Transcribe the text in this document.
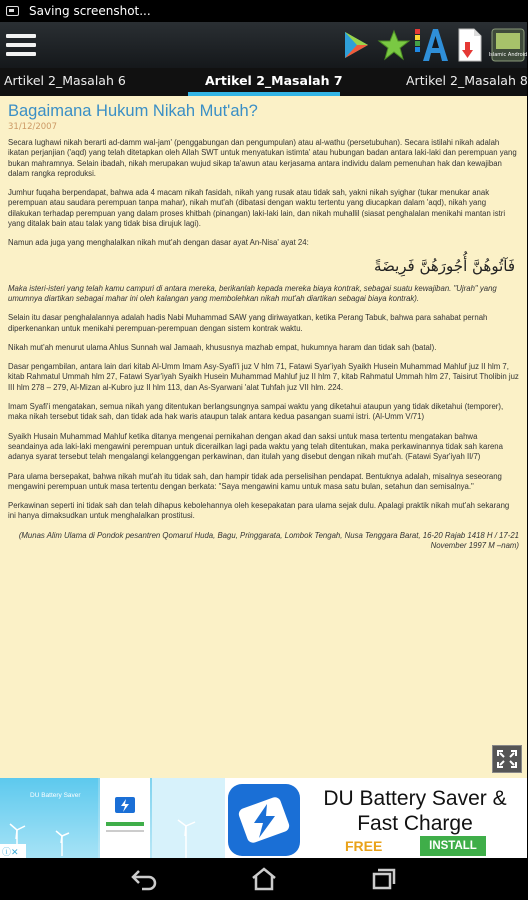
Saving screenshot...
Islamic Android
Artikel 2_Masalah 6	Artikel 2_Masalah 7	Artikel 2_Masalah 8
Bagaimana Hukum Nikah Mut'ah?
31/12/2007

Secara lughawi nikah berarti ad-damm wal-jam' (penggabungan dan pengumpulan) atau al-wathu (persetubuhan). Secara istilahi nikah adalah ikatan perjanjian ('aqd) yang telah ditetapkan oleh Allah SWT untuk menyatukan istimta' atau hubungan badan antara laki-laki dan perempuan yang bukan mahramnya. Selain ibadah, nikah merupakan wujud sikap ta'awun atau kerjasama antara individu dalam pemenuhan hak dan kewajiban dalam rangka reproduksi.

Jumhur fuqaha berpendapat, bahwa ada 4 macam nikah fasidah, nikah yang rusak atau tidak sah, yakni nikah syighar (tukar menukar anak perempuan atau saudara perempuan tanpa mahar), nikah mut'ah (dibatasi dengan waktu tertentu yang diucapkan dalam 'aqd), nikah yang dilakukan terhadap perempuan yang dalam proses khitbah (pinangan) laki-laki lain, dan nikah muhallil (siasat penghalalan menikahi mantan istri yang ditalak bain atau talak yang tidak bisa dirujuk lagi).

Namun ada juga yang menghalalkan nikah mut'ah dengan dasar ayat An-Nisa' ayat 24:

فَآتُوهُنَّ أُجُورَهُنَّ فَرِيضَةً

Maka isteri-isteri yang telah kamu campuri di antara mereka, berikanlah kepada mereka biaya kontrak, sebagai suatu kewajiban. "Ujrah" yang umumnya diartikan sebagai mahar ini oleh kalangan yang membolehkan nikah mut'ah diartikan sebagai biaya kontrak).

Selain itu dasar penghalalannya adalah hadis Nabi Muhammad SAW yang diriwayatkan, ketika Perang Tabuk, bahwa para sahabat pernah diperkenankan untuk menikahi perempuan-perempuan dengan sistem kontrak waktu.

Nikah mut'ah menurut ulama Ahlus Sunnah wal Jamaah, khususnya mazhab empat, hukumnya haram dan tidak sah (batal).

Dasar pengambilan, antara lain dari kitab Al-Umm Imam Asy-Syafi'i juz V hlm 71, Fatawi Syar'iyah Syaikh Husein Muhammad Mahluf juz II hlm 7, kitab Rahmatul Ummah hlm 27, Fatawi Syar'iyah Syaikh Husein Muhammad Mahluf juz II hlm 7, kitab Rahmatul Ummah hlm 27, Taisirut Tholibin juz III hlm 278 – 279, Al-Mizan al-Kubro juz II hlm 113, dan As-Syarwani 'alat Tuhfah juz VII hlm. 224.

Imam Syafi'i mengatakan, semua nikah yang ditentukan berlangsungnya sampai waktu yang diketahui ataupun yang tidak diketahui (temporer), maka nikah tersebut tidak sah, dan tidak ada hak waris ataupun talak antara kedua pasangan suami istri. (Al-Umm V/71)

Syaikh Husain Muhammad Mahluf ketika ditanya mengenai pernikahan dengan akad dan saksi untuk masa tertentu mengatakan bahwa seandainya ada laki-laki mengawini perempuan untuk dicerailkan lagi pada waktu yang telah ditentukan, maka perkawinannya tidak sah karena adanya syarat tersebut telah mengalangi kelanggengan perkawinan, dan itulah yang disebut dengan nikah mut'ah. (Fatawi Syar'iyah II/7)

Para ulama bersepakat, bahwa nikah mut'ah itu tidak sah, dan hampir tidak ada perselisihan pendapat. Bentuknya adalah, misalnya seseorang mengawini perempuan untuk masa tertentu dengan berkata: "Saya mengawini kamu untuk masa satu bulan, setahun dan semisalnya."

Perkawinan seperti ini tidak sah dan telah dihapus kebolehannya oleh kesepakatan para ulama sejak dulu. Apalagi praktik nikah mut'ah sekarang ini hanya dimaksudkan untuk menghalalkan prostitusi.

(Munas Alim Ulama di Pondok pesantren Qomarul Huda, Bagu, Pringgarata, Lombok Tengah, Nusa Tenggara Barat, 16-20 Rajab 1418 H / 17-21 November 1997 M –nam)

DU Battery Saver
ⓘ✕
DU Battery Saver & Fast Charge
FREE	INSTALL
